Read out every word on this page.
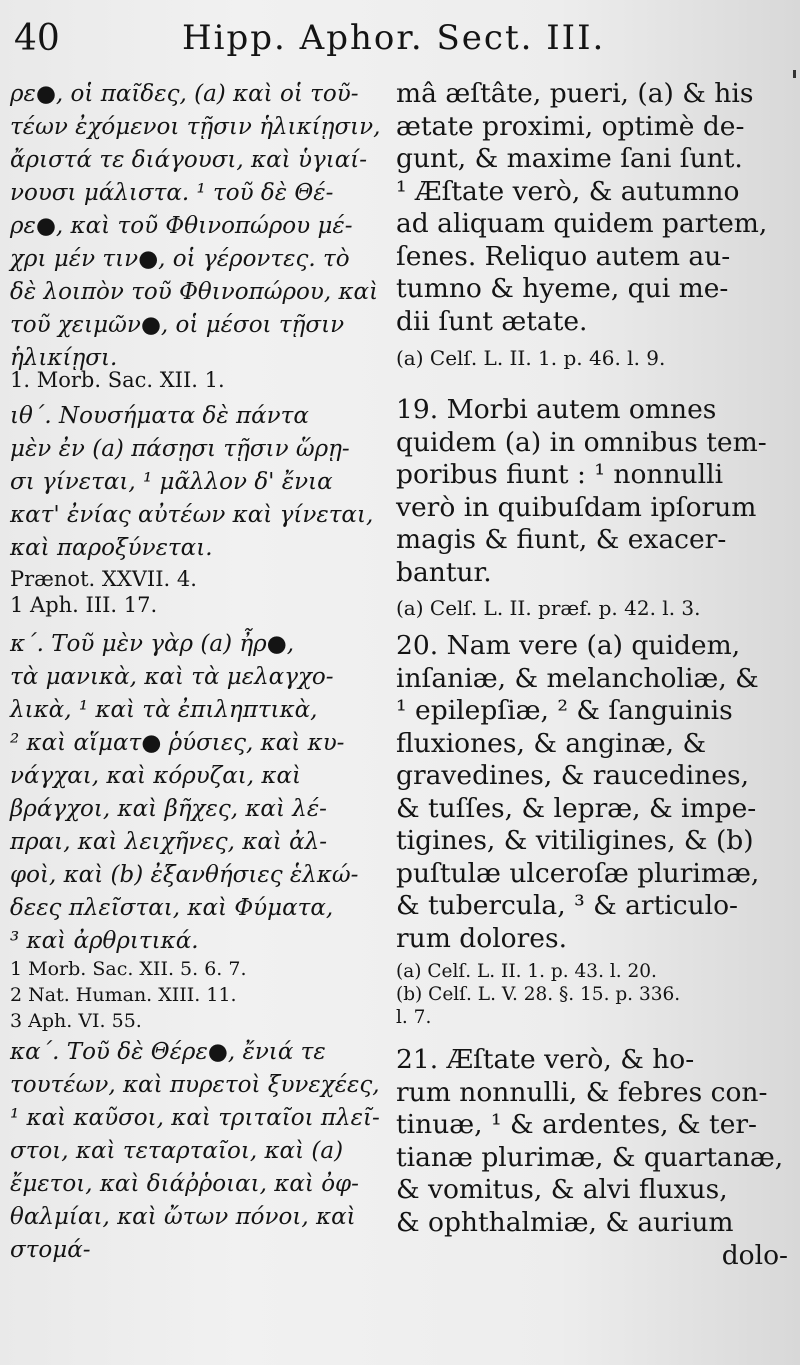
40	Hipp. Aphor. Sect. III.

ρε●, οἱ παῖδες, (a) καὶ οἱ τοῦ-
τέων ἐχόμενοι τῇσιν ἡλικίῃσιν,
ἄριστά τε διάγουσι, καὶ ὑγιαί-
νουσι μάλιστα. ¹ τοῦ δὲ Θέ-
ρε●, καὶ τοῦ Φθινοπώρου μέ-
χρι μέν τιν●, οἱ γέροντες. τὸ
δὲ λοιπὸν τοῦ Φθινοπώρου, καὶ
τοῦ χειμῶν●, οἱ μέσοι τῇσιν
ἡλικίῃσι.

1. Morb. Sac. XII. 1.

ιθ΄. Νουσήματα δὲ πάντα
μὲν ἐν (a) πάσῃσι τῇσιν ὥρῃ-
σι γίνεται, ¹ μᾶλλον δ' ἔνια
κατ' ἐνίας αὐτέων καὶ γίνεται,
καὶ παροξύνεται.

Prænot. XXVII. 4.
1 Aph. III. 17.

κ΄. Τοῦ μὲν γὰρ (a) ἦρ●,
τὰ μανικὰ, καὶ τὰ μελαγχο-
λικὰ, ¹ καὶ τὰ ἐπιληπτικὰ,
² καὶ αἵματ● ῥύσιες, καὶ κυ-
νάγχαι, καὶ κόρυζαι, καὶ
βράγχοι, καὶ βῆχες, καὶ λέ-
πραι, καὶ λειχῆνες, καὶ ἀλ-
φοὶ, καὶ (b) ἐξανθήσιες ἑλκώ-
δεες πλεῖσται, καὶ Φύματα,
³ καὶ ἀρθριτικά.

1 Morb. Sac. XII. 5. 6. 7.
2 Nat. Human. XIII. 11.
3 Aph. VI. 55.

κα΄. Τοῦ δὲ Θέρε●, ἔνιά τε
τουτέων, καὶ πυρετοὶ ξυνεχέες,
¹ καὶ καῦσοι, καὶ τριταῖοι πλεῖ-
στοι, καὶ τεταρταῖοι, καὶ (a)
ἔμετοι, καὶ διάῤῥοιαι, καὶ ὀφ-
θαλμίαι, καὶ ὤτων πόνοι, καὶ
στομά-

mâ æſtâte, pueri, (a) & his
ætate proximi, optimè de-
gunt, & maxime ſani ſunt.
¹ Æſtate verò, & autumno
ad aliquam quidem partem,
ſenes. Reliquo autem au-
tumno & hyeme, qui me-
dii ſunt ætate.

(a) Celſ. L. II. 1. p. 46. l. 9.

19. Morbi autem omnes
quidem (a) in omnibus tem-
poribus fiunt : ¹ nonnulli
verò in quibuſdam ipſorum
magis & fiunt, & exacer-
bantur.

(a) Celſ. L. II. præf. p. 42. l. 3.

20. Nam vere (a) quidem,
inſaniæ, & melancholiæ, &
¹ epilepſiæ, ² & ſanguinis
fluxiones, & anginæ, &
gravedines, & raucedines,
& tuſſes, & lepræ, & impe-
tigines, & vitiligines, & (b)
puſtulæ ulceroſæ plurimæ,
& tubercula, ³ & articulo-
rum dolores.

(a) Celſ. L. II. 1. p. 43. l. 20.
(b) Celſ. L. V. 28. §. 15. p. 336.
l. 7.

21. Æſtate verò, & ho-
rum nonnulli, & febres con-
tinuæ, ¹ & ardentes, & ter-
tianæ plurimæ, & quartanæ,
& vomitus, & alvi fluxus,
& ophthalmiæ, & aurium

dolo-
